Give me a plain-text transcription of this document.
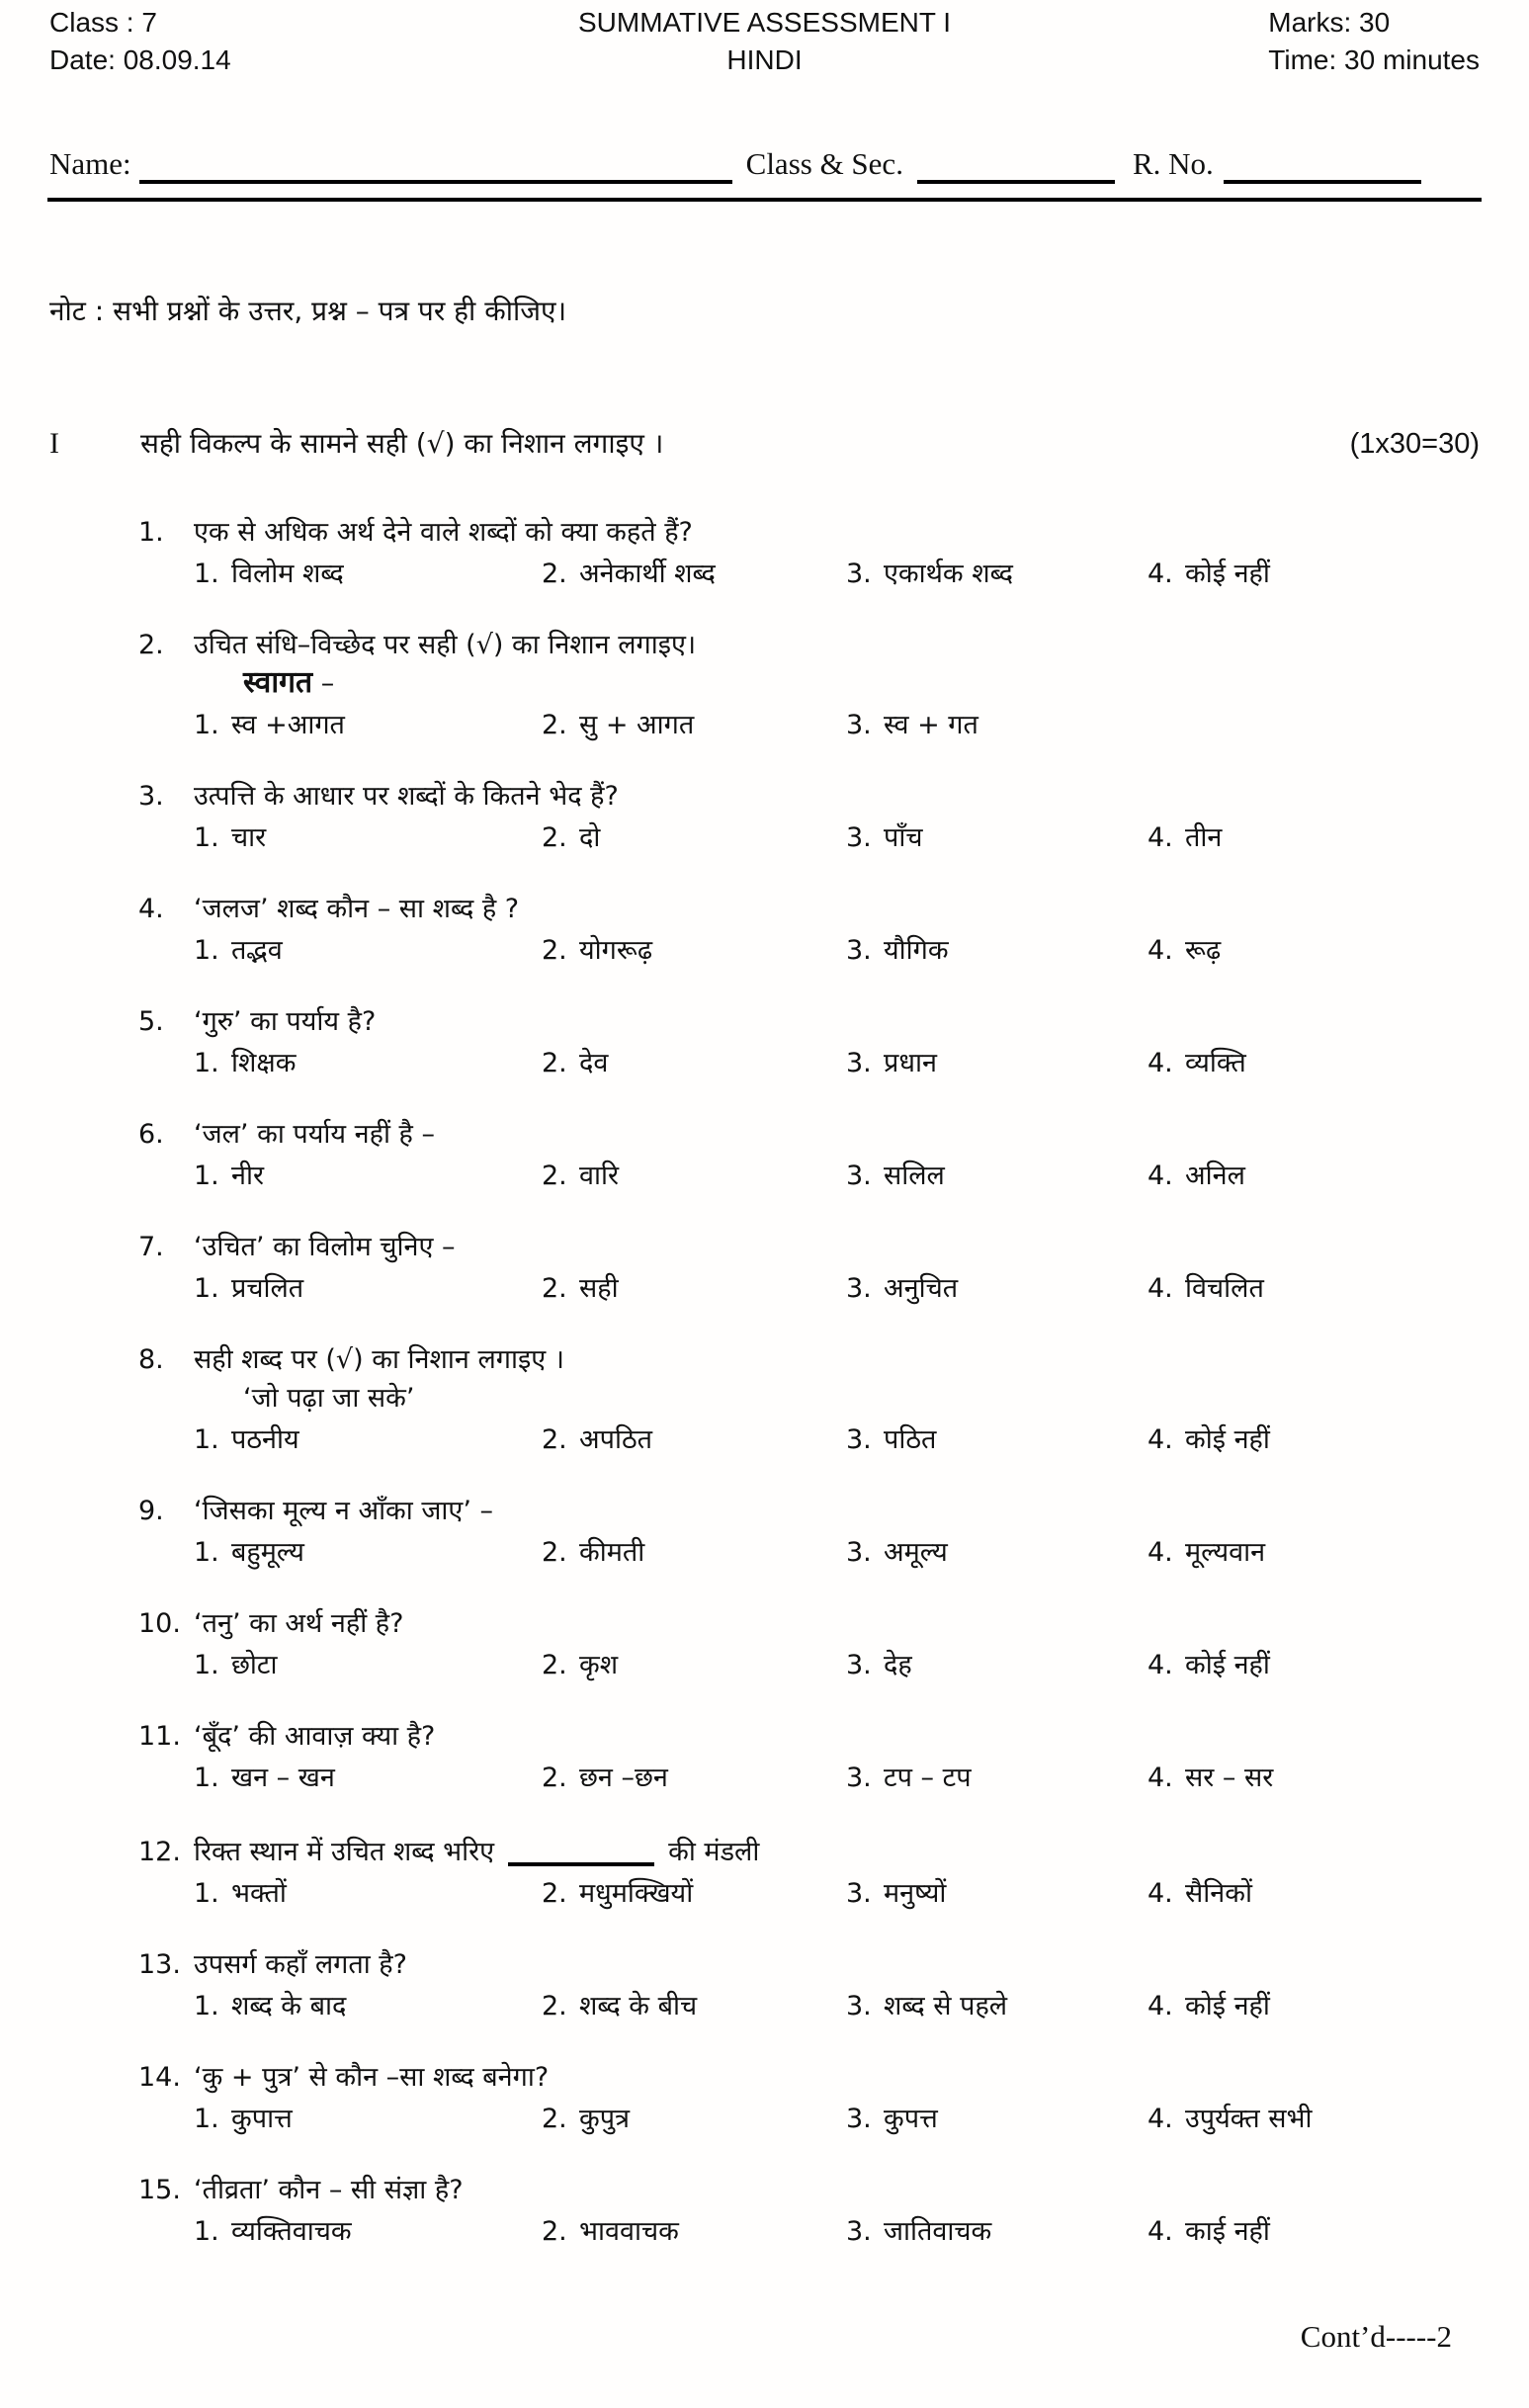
Class : 7
Date: 08.09.14
SUMMATIVE ASSESSMENT I
HINDI
Marks: 30
Time: 30 minutes
Name:	Class & Sec.	R. No.
नोट : सभी प्रश्नों के उत्तर, प्रश्न – पत्र पर ही कीजिए।
I	सही विकल्प के सामने सही (√) का निशान लगाइए ।	(1x30=30)
1. एक से अधिक अर्थ देने वाले शब्दों को क्या कहते हैं?
1. विलोम शब्द	2. अनेकार्थी शब्द	3. एकार्थक शब्द	4. कोई नहीं
2. उचित संधि–विच्छेद पर सही (√) का निशान लगाइए।
स्वागत –
1. स्व +आगत	2. सु + आगत	3. स्व + गत
3. उत्पत्ति के आधार पर शब्दों के कितने भेद हैं?
1. चार	2. दो	3. पाँच	4. तीन
4. ‘जलज’ शब्द कौन – सा शब्द है ?
1. तद्भव	2. योगरूढ़	3. यौगिक	4. रूढ़
5. ‘गुरु’ का पर्याय है?
1. शिक्षक	2. देव	3. प्रधान	4. व्यक्ति
6. ‘जल’ का पर्याय नहीं है –
1. नीर	2. वारि	3. सलिल	4. अनिल
7. ‘उचित’ का विलोम चुनिए –
1. प्रचलित	2. सही	3. अनुचित	4. विचलित
8. सही शब्द पर (√) का निशान लगाइए ।
‘जो पढ़ा जा सके’
1. पठनीय	2. अपठित	3. पठित	4. कोई नहीं
9. ‘जिसका मूल्य न आँका जाए’ –
1. बहुमूल्य	2. कीमती	3. अमूल्य	4. मूल्यवान
10. ‘तनु’ का अर्थ नहीं है?
1. छोटा	2. कृश	3. देह	4. कोई नहीं
11. ‘बूँद’ की आवाज़ क्या है?
1. खन – खन	2. छन –छन	3. टप – टप	4. सर – सर
12. रिक्त स्थान में उचित शब्द भरिए	की मंडली
1. भक्तों	2. मधुमक्खियों	3. मनुष्यों	4. सैनिकों
13. उपसर्ग कहाँ लगता है?
1. शब्द के बाद	2. शब्द के बीच	3. शब्द से पहले	4. कोई नहीं
14. ‘कु + पुत्र’ से कौन –सा शब्द बनेगा?
1. कुपात्त	2. कुपुत्र	3. कुपत्त	4. उपुर्यक्त सभी
15. ‘तीव्रता’ कौन – सी संज्ञा है?
1. व्यक्तिवाचक	2. भाववाचक	3. जातिवाचक	4. काई नहीं
Cont’d-----2
